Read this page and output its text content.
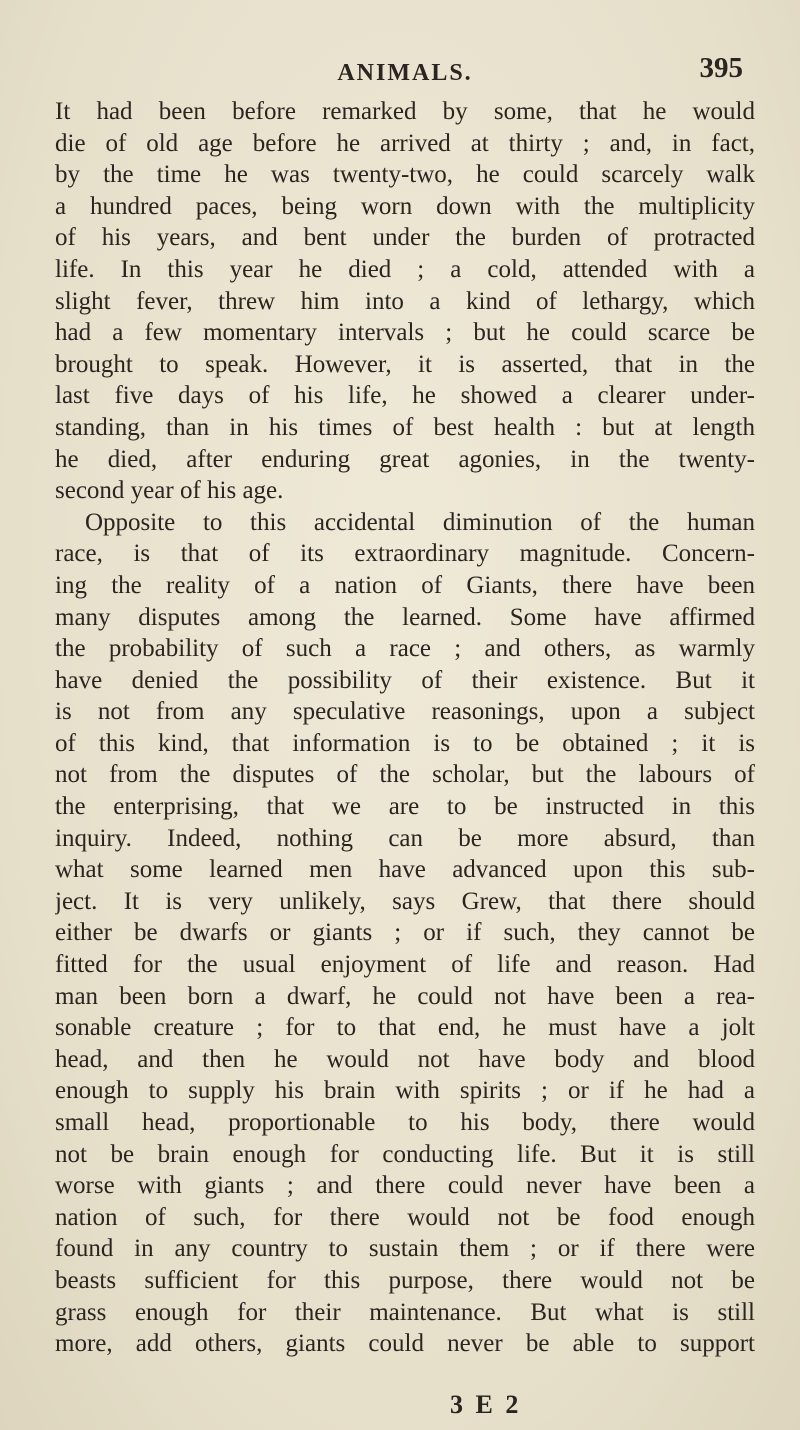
ANIMALS.	395
It had been before remarked by some, that he would
die of old age before he arrived at thirty ; and, in fact,
by the time he was twenty-two, he could scarcely walk
a hundred paces, being worn down with the multiplicity
of his years, and bent under the burden of protracted
life. In this year he died ; a cold, attended with a
slight fever, threw him into a kind of lethargy, which
had a few momentary intervals ; but he could scarce be
brought to speak. However, it is asserted, that in the
last five days of his life, he showed a clearer under-
standing, than in his times of best health : but at length
he died, after enduring great agonies, in the twenty-
second year of his age.
Opposite to this accidental diminution of the human
race, is that of its extraordinary magnitude. Concern-
ing the reality of a nation of Giants, there have been
many disputes among the learned. Some have affirmed
the probability of such a race ; and others, as warmly
have denied the possibility of their existence. But it
is not from any speculative reasonings, upon a subject
of this kind, that information is to be obtained ; it is
not from the disputes of the scholar, but the labours of
the enterprising, that we are to be instructed in this
inquiry. Indeed, nothing can be more absurd, than
what some learned men have advanced upon this sub-
ject. It is very unlikely, says Grew, that there should
either be dwarfs or giants ; or if such, they cannot be
fitted for the usual enjoyment of life and reason. Had
man been born a dwarf, he could not have been a rea-
sonable creature ; for to that end, he must have a jolt
head, and then he would not have body and blood
enough to supply his brain with spirits ; or if he had a
small head, proportionable to his body, there would
not be brain enough for conducting life. But it is still
worse with giants ; and there could never have been a
nation of such, for there would not be food enough
found in any country to sustain them ; or if there were
beasts sufficient for this purpose, there would not be
grass enough for their maintenance. But what is still
more, add others, giants could never be able to support
3 E 2
